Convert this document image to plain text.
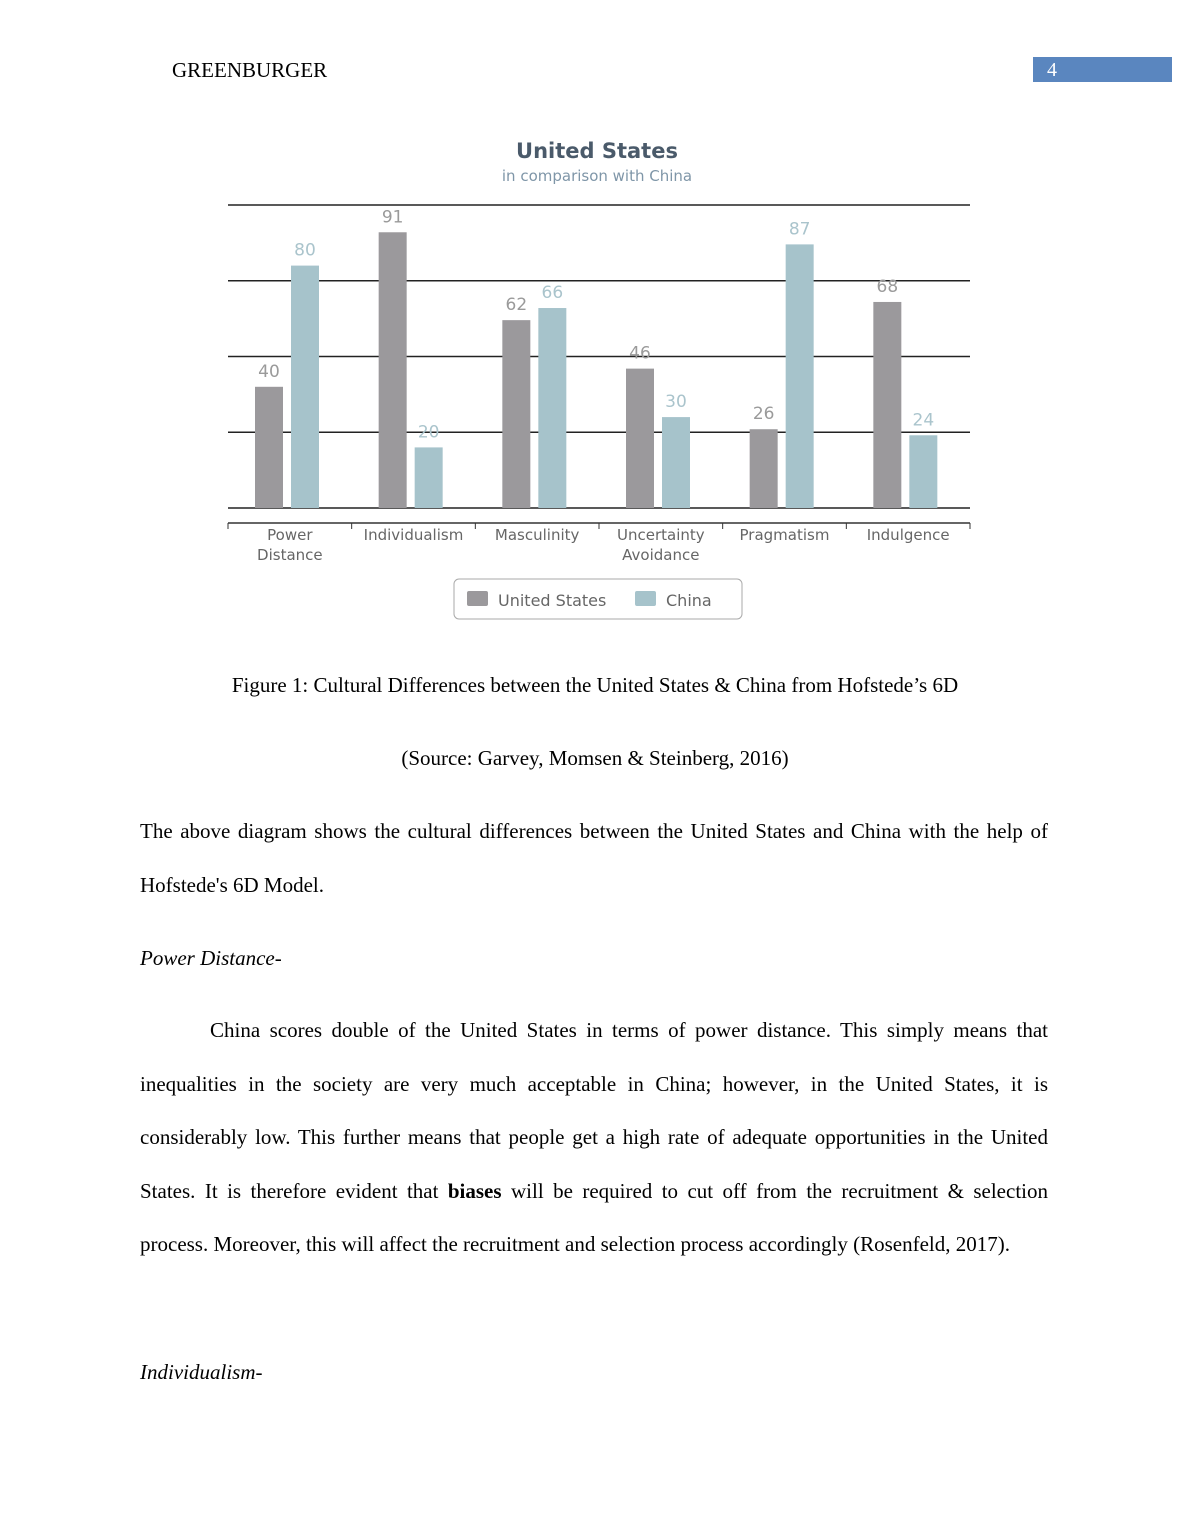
GREENBURGER	4
United States
in comparison with China
40
80
91
20
62
66
46
30
26
87
68
24
Power
Distance
Individualism Masculinity	Uncertainty
Avoidance
Pragmatism Indulgence
United States	China
Figure 1: Cultural Differences between the United States & China from Hofstede’s 6D
(Source: Garvey, Momsen & Steinberg, 2016)
The above diagram shows the cultural differences between the United States and China with the help of Hofstede's 6D Model.
Power Distance-
China scores double of the United States in terms of power distance. This simply means that inequalities in the society are very much acceptable in China; however, in the United States, it is considerably low. This further means that people get a high rate of adequate opportunities in the United States. It is therefore evident that biases will be required to cut off from the recruitment & selection process. Moreover, this will affect the recruitment and selection process accordingly (Rosenfeld, 2017).
Individualism-
